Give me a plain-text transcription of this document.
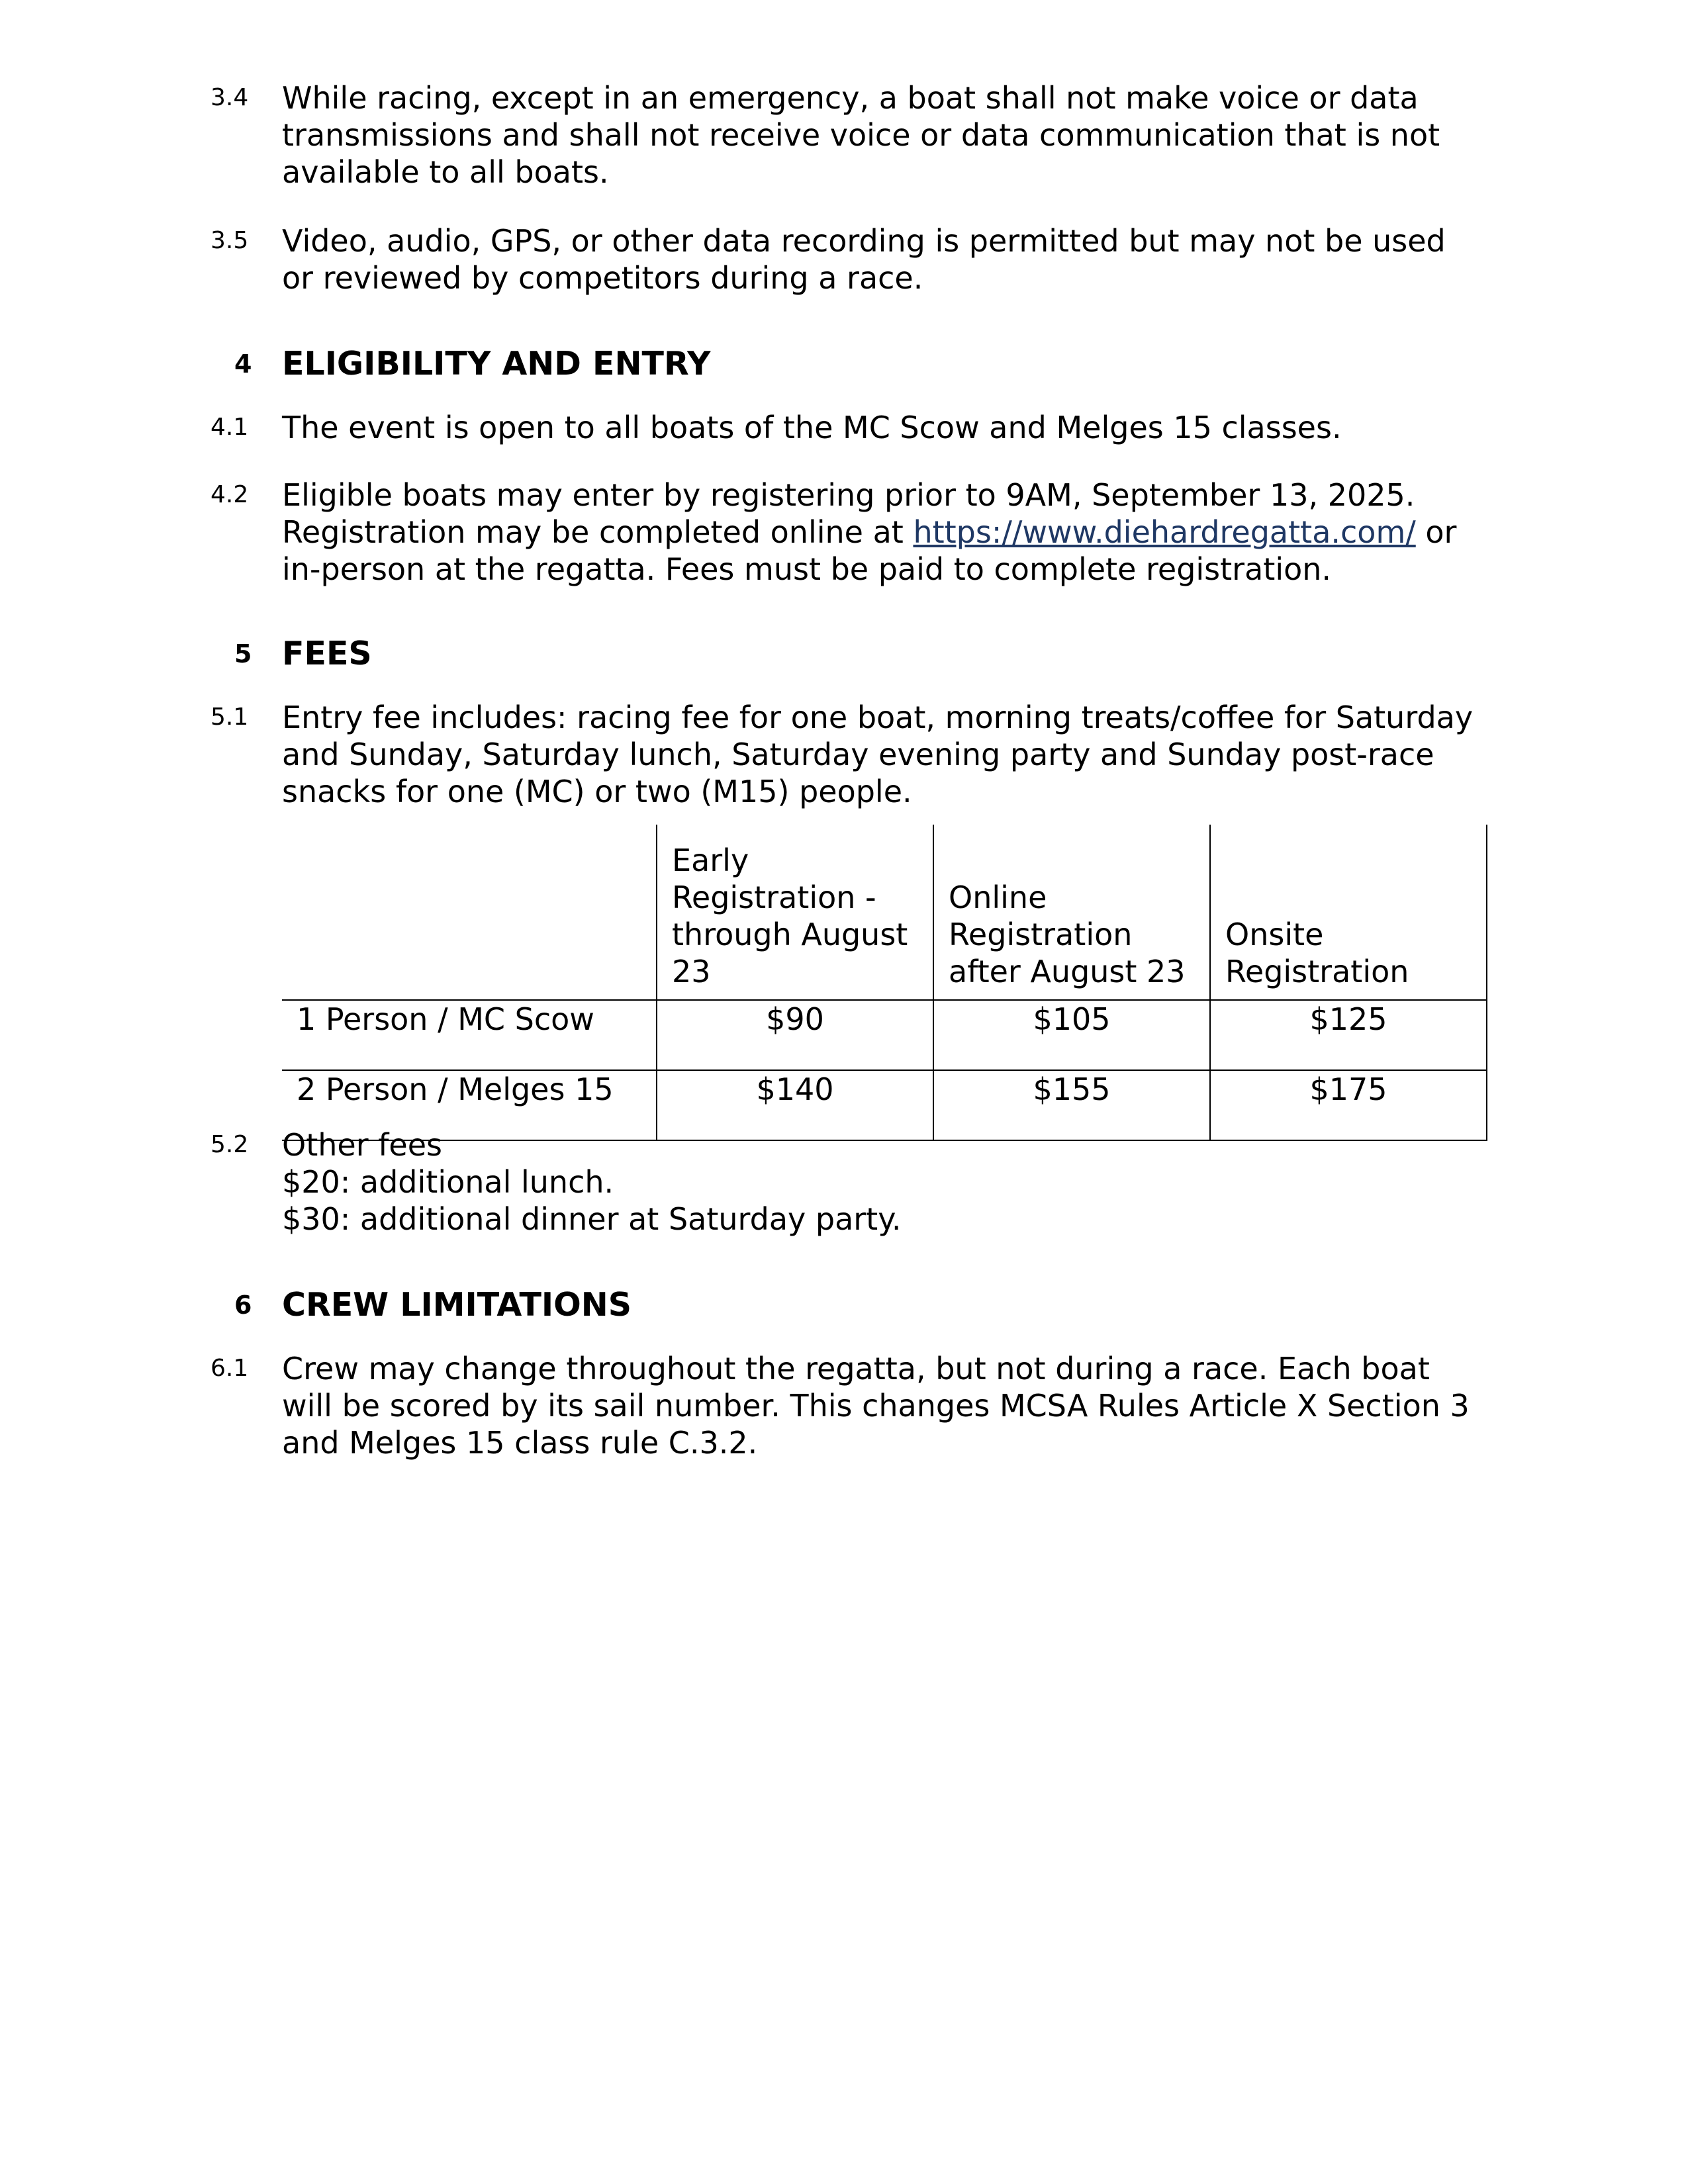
3.4 While racing, except in an emergency, a boat shall not make voice or data
transmissions and shall not receive voice or data communication that is not
available to all boats.
3.5 Video, audio, GPS, or other data recording is permitted but may not be used
or reviewed by competitors during a race.
4 ELIGIBILITY AND ENTRY
4.1 The event is open to all boats of the MC Scow and Melges 15 classes.
4.2 Eligible boats may enter by registering prior to 9AM, September 13, 2025.
Registration may be completed online at https://www.diehardregatta.com/ or
in-person at the regatta. Fees must be paid to complete registration.
5 FEES
5.1 Entry fee includes: racing fee for one boat, morning treats/coffee for Saturday
and Sunday, Saturday lunch, Saturday evening party and Sunday post-race
snacks for one (MC) or two (M15) people.
	Early
Registration -
through August
23	Online
Registration
after August 23	Onsite
Registration
1 Person / MC Scow	$90	$105	$125
2 Person / Melges 15	$140	$155	$175
5.2 Other fees
$20: additional lunch.
$30: additional dinner at Saturday party.
6 CREW LIMITATIONS
6.1 Crew may change throughout the regatta, but not during a race. Each boat
will be scored by its sail number. This changes MCSA Rules Article X Section 3
and Melges 15 class rule C.3.2.
